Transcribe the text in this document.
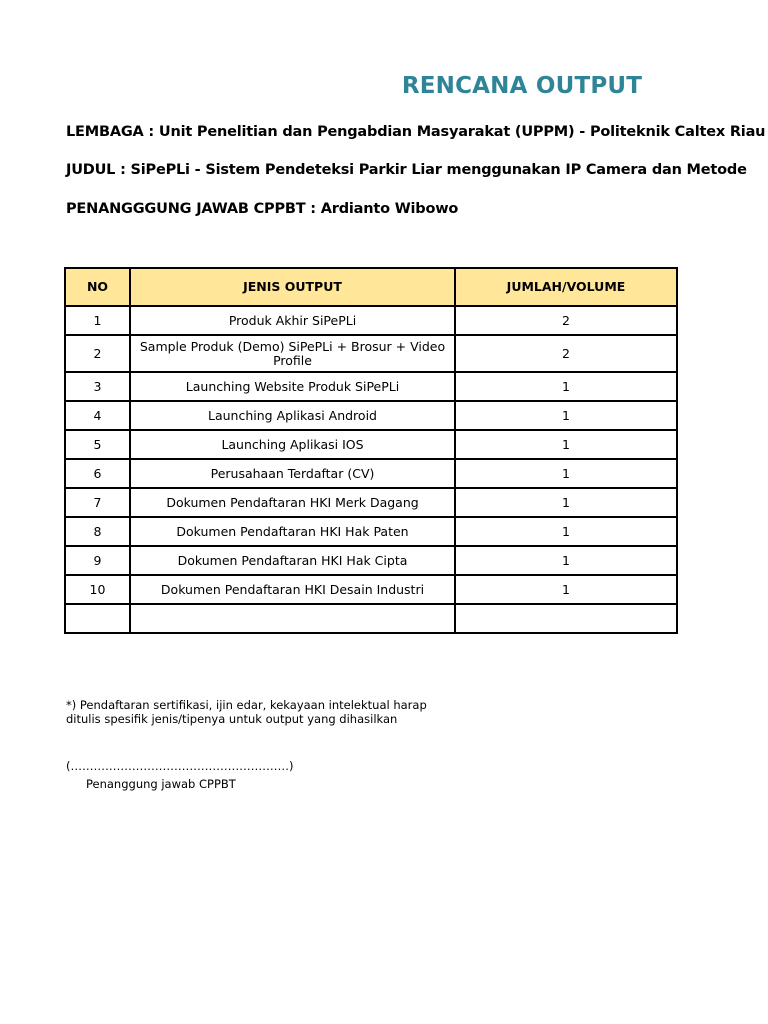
RENCANA OUTPUT
LEMBAGA : Unit Penelitian dan Pengabdian Masyarakat (UPPM) - Politeknik Caltex Riau
JUDUL : SiPePLi - Sistem Pendeteksi Parkir Liar menggunakan IP Camera dan Metode
PENANGGGUNG JAWAB CPPBT : Ardianto Wibowo
NO	JENIS OUTPUT	JUMLAH/VOLUME
1	Produk Akhir SiPePLi	2
2	Sample Produk (Demo) SiPePLi + Brosur + Video Profile	2
3	Launching Website Produk SiPePLi	1
4	Launching Aplikasi Android	1
5	Launching Aplikasi IOS	1
6	Perusahaan Terdaftar (CV)	1
7	Dokumen Pendaftaran HKI Merk Dagang	1
8	Dokumen Pendaftaran HKI Hak Paten	1
9	Dokumen Pendaftaran HKI Hak Cipta	1
10	Dokumen Pendaftaran HKI Desain Industri	1

*) Pendaftaran sertifikasi, ijin edar, kekayaan intelektual harap ditulis spesifik jenis/tipenya untuk output yang dihasilkan
(…………………………………………………)
Penanggung jawab CPPBT
